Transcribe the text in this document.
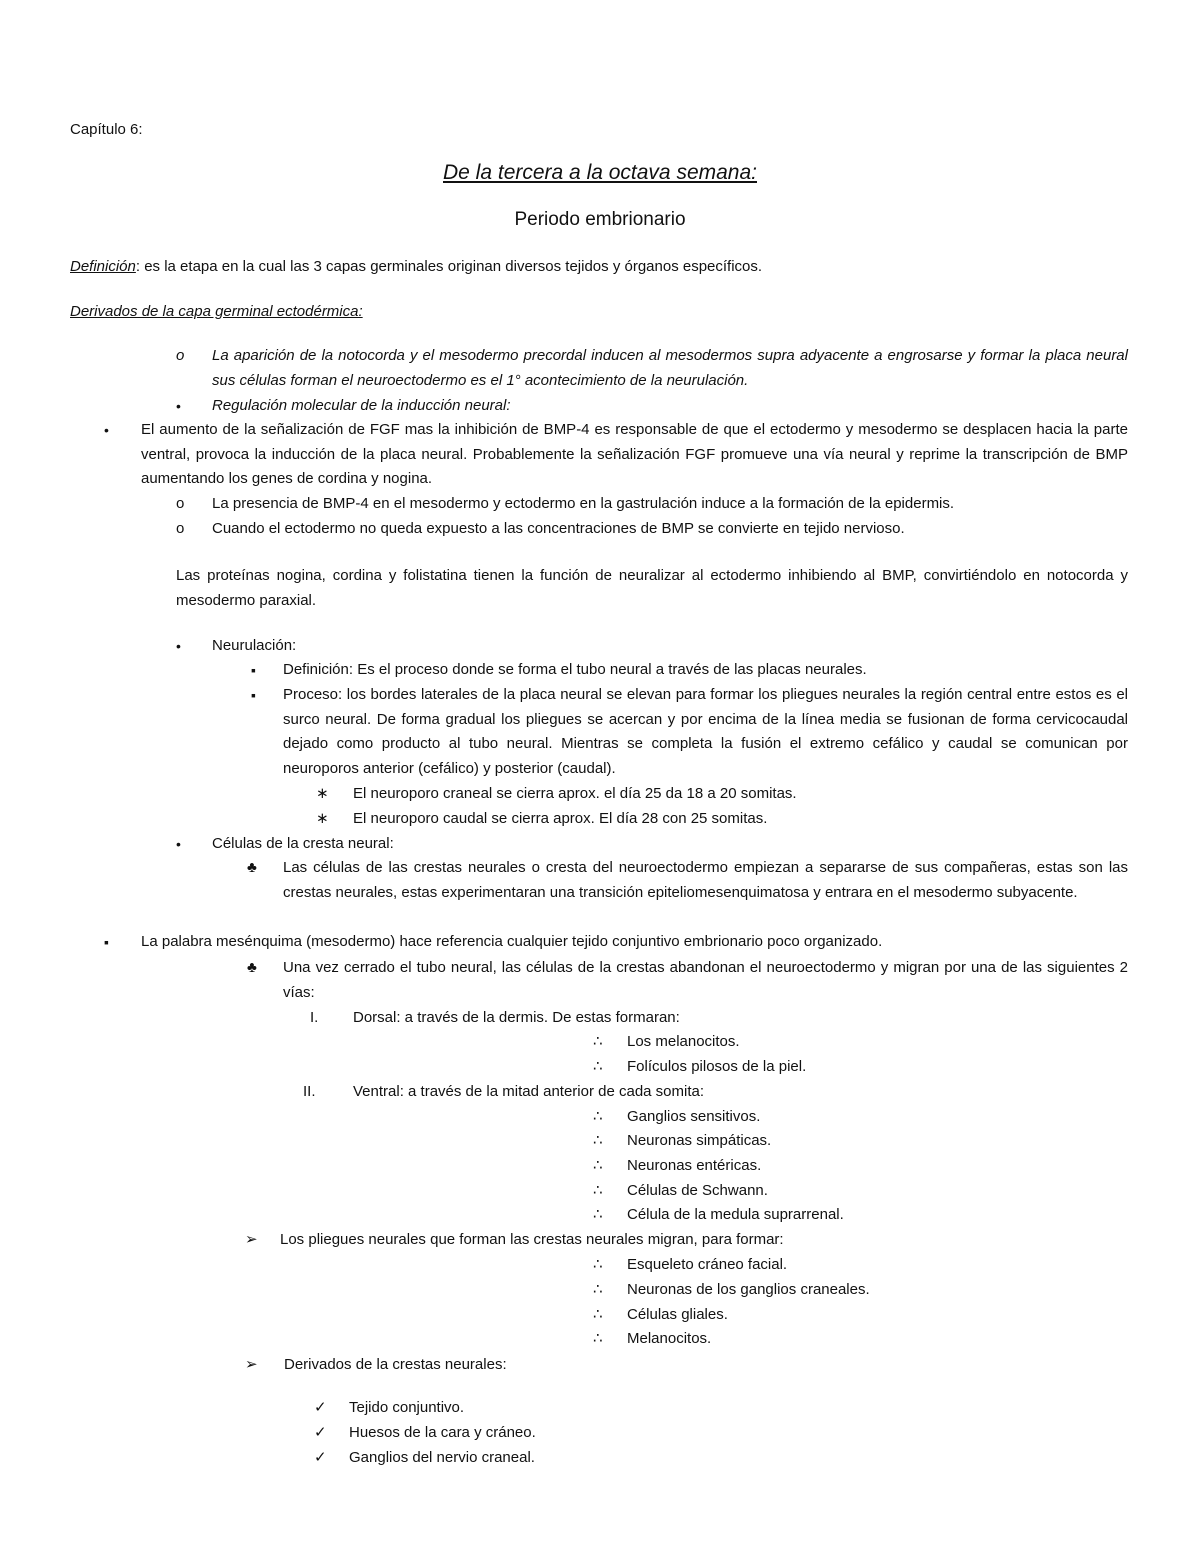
Capítulo 6:
De la tercera a la octava semana:
Periodo embrionario
Definición: es la etapa en la cual las 3 capas germinales originan diversos tejidos y órganos específicos.
Derivados de la capa germinal ectodérmica:
o La aparición de la notocorda y el mesodermo precordal inducen al mesodermos supra adyacente a engrosarse y formar la placa neural sus células forman el neuroectodermo es el 1° acontecimiento de la neurulación.
• Regulación molecular de la inducción neural:
• El aumento de la señalización de FGF mas la inhibición de BMP-4 es responsable de que el ectodermo y mesodermo se desplacen hacia la parte ventral, provoca la inducción de la placa neural. Probablemente la señalización FGF promueve una vía neural y reprime la transcripción de BMP aumentando los genes de cordina y nogina.
o La presencia de BMP-4 en el mesodermo y ectodermo en la gastrulación induce a la formación de la epidermis.
o Cuando el ectodermo no queda expuesto a las concentraciones de BMP se convierte en tejido nervioso.
Las proteínas nogina, cordina y folistatina tienen la función de neuralizar al ectodermo inhibiendo al BMP, convirtiéndolo en notocorda y mesodermo paraxial.
• Neurulación:
▪ Definición: Es el proceso donde se forma el tubo neural a través de las placas neurales.
▪ Proceso: los bordes laterales de la placa neural se elevan para formar los pliegues neurales la región central entre estos es el surco neural. De forma gradual los pliegues se acercan y por encima de la línea media se fusionan de forma cervicocaudal dejado como producto al tubo neural. Mientras se completa la fusión el extremo cefálico y caudal se comunican por neuroporos anterior (cefálico) y posterior (caudal).
∗ El neuroporo craneal se cierra aprox. el día 25 da 18 a 20 somitas.
∗ El neuroporo caudal se cierra aprox. El día 28 con 25 somitas.
• Células de la cresta neural:
♣ Las células de las crestas neurales o cresta del neuroectodermo empiezan a separarse de sus compañeras, estas son las crestas neurales, estas experimentaran una transición epiteliomesenquimatosa y entrara en el mesodermo subyacente.
▪ La palabra mesénquima (mesodermo) hace referencia cualquier tejido conjuntivo embrionario poco organizado.
♣ Una vez cerrado el tubo neural, las células de la crestas abandonan el neuroectodermo y migran por una de las siguientes 2 vías:
I. Dorsal: a través de la dermis. De estas formaran:
∴ Los melanocitos.
∴ Folículos pilosos de la piel.
II. Ventral: a través de la mitad anterior de cada somita:
∴ Ganglios sensitivos.
∴ Neuronas simpáticas.
∴ Neuronas entéricas.
∴ Células de Schwann.
∴ Célula de la medula suprarrenal.
➢ Los pliegues neurales que forman las crestas neurales migran, para formar:
∴ Esqueleto cráneo facial.
∴ Neuronas de los ganglios craneales.
∴ Células gliales.
∴ Melanocitos.
➢ Derivados de la crestas neurales:
✓ Tejido conjuntivo.
✓ Huesos de la cara y cráneo.
✓ Ganglios del nervio craneal.
